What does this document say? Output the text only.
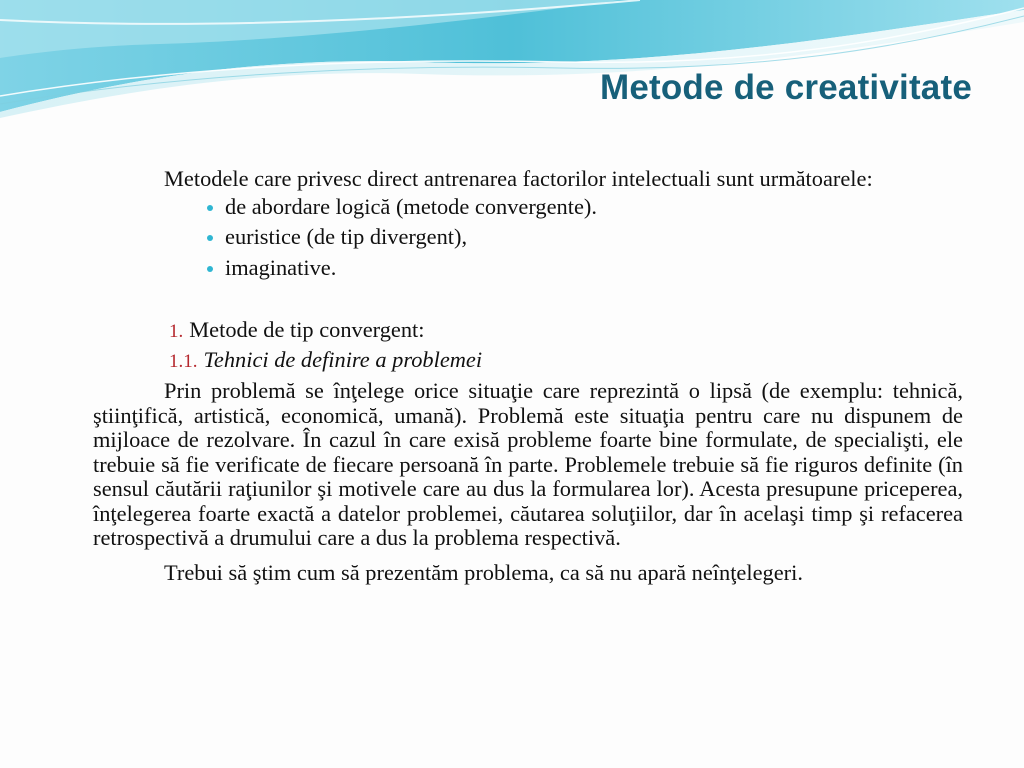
Metode de creativitate

Metodele care privesc direct antrenarea factorilor intelectuali sunt următoarele:

de abordare logică (metode convergente).
euristice (de tip divergent),
imaginative.
1. Metode de tip convergent:
1.1. Tehnici de definire a problemei

Prin problemă se înţelege orice situaţie care reprezintă o lipsă (de exemplu: tehnică, ştiinţifică, artistică, economică, umană). Problemă este situaţia pentru care nu dispunem de mijloace de rezolvare. În cazul în care exisă probleme foarte bine formulate, de specialişti, ele trebuie să fie verificate de fiecare persoană în parte. Problemele trebuie să fie riguros definite (în sensul căutării raţiunilor şi motivele care au dus la formularea lor). Acesta presupune priceperea, înţelegerea foarte exactă a datelor problemei, căutarea soluţiilor, dar în acelaşi timp şi refacerea retrospectivă a drumului care a dus la problema respectivă.

Trebui să ştim cum să prezentăm problema, ca să nu apară neînţelegeri.
